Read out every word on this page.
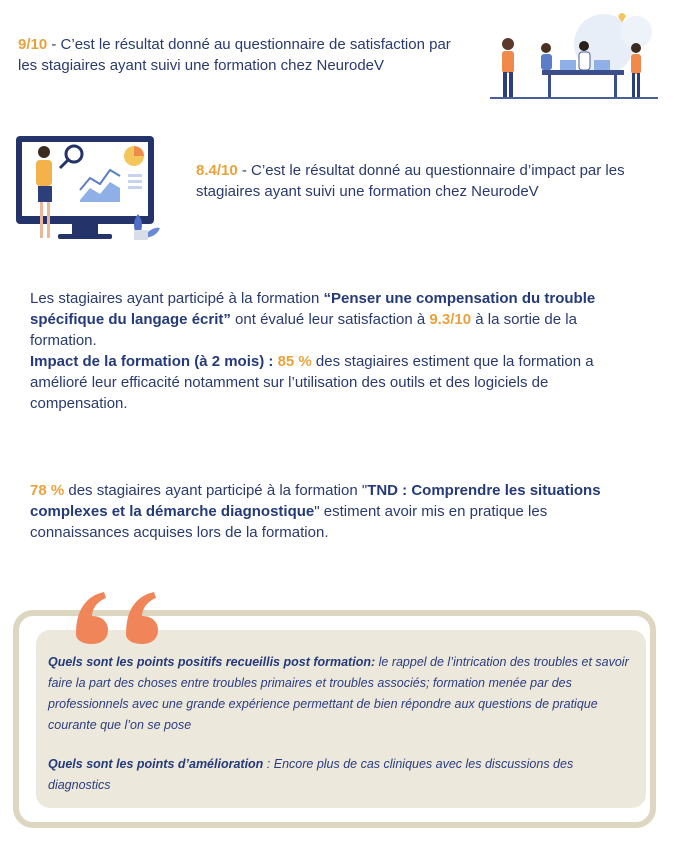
9/10 - C’est le résultat donné au questionnaire de satisfaction par les stagiaires ayant suivi une formation chez NeurodeV
8.4/10 - C’est le résultat donné au questionnaire d’impact par les stagiaires ayant suivi une formation chez NeurodeV
Les stagiaires ayant participé à la formation “Penser une compensation du trouble spécifique du langage écrit” ont évalué leur satisfaction à 9.3/10 à la sortie de la formation.
Impact de la formation (à 2 mois) : 85 % des stagiaires estiment que la formation a amélioré leur efficacité notamment sur l’utilisation des outils et des logiciels de compensation.
78 % des stagiaires ayant participé à la formation "TND : Comprendre les situations complexes et la démarche diagnostique" estiment avoir mis en pratique les connaissances acquises lors de la formation.

Quels sont les points positifs recueillis post formation: le rappel de l’intrication des troubles et savoir faire la part des choses entre troubles primaires et troubles associés; formation menée par des professionnels avec une grande expérience permettant de bien répondre aux questions de pratique courante que l’on se pose

Quels sont les points d’amélioration : Encore plus de cas cliniques avec les discussions des diagnostics
